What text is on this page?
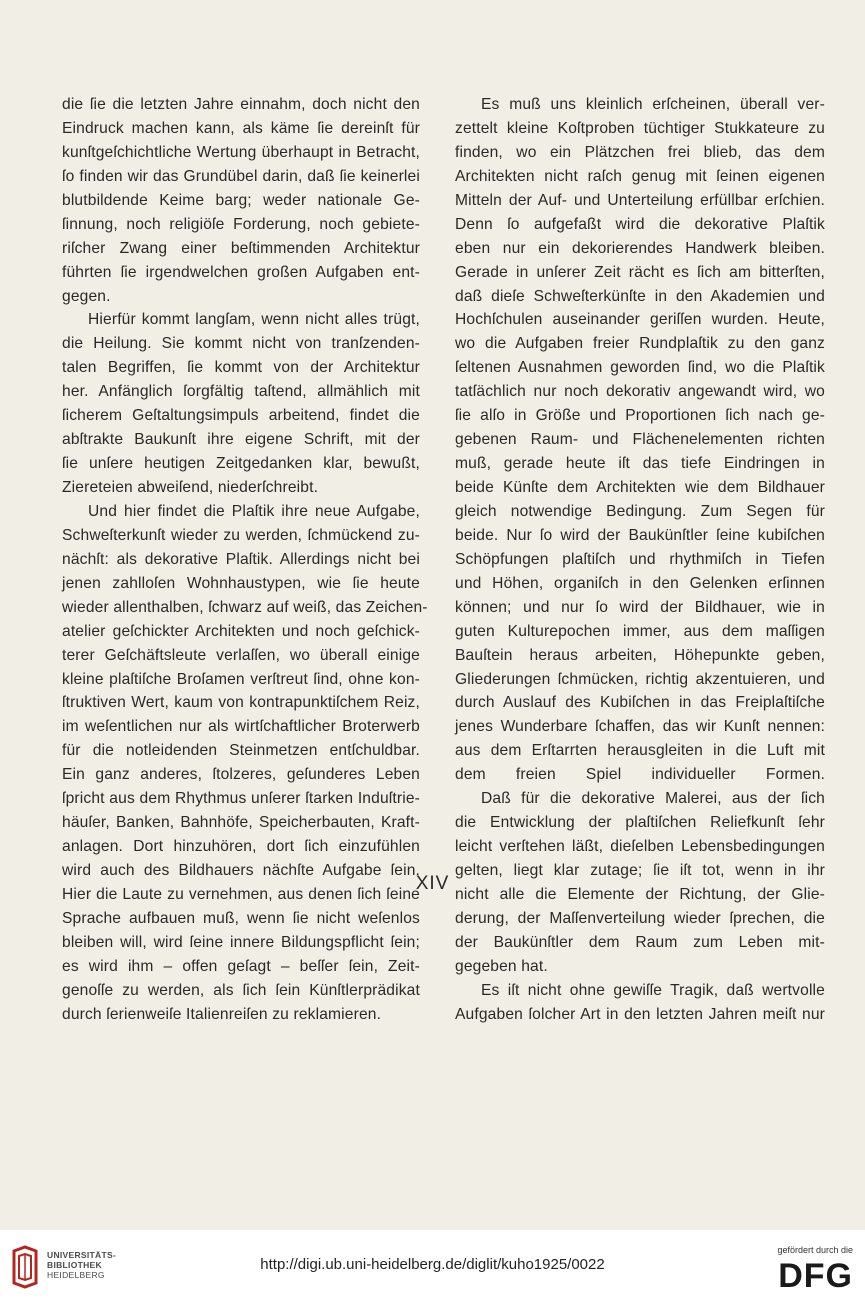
die ſie die letzten Jahre einnahm, doch nicht den
Eindruck machen kann, als käme ſie dereinſt für
kunſtgeſchichtliche Wertung überhaupt in Betracht,
ſo finden wir das Grundübel darin, daß ſie keinerlei
blutbildende Keime barg; weder nationale Ge-
ſinnung, noch religiöſe Forderung, noch gebiete-
riſcher Zwang einer beſtimmenden Architektur
führten ſie irgendwelchen großen Aufgaben ent-
gegen.
Hierfür kommt langſam, wenn nicht alles trügt,
die Heilung. Sie kommt nicht von tranſzenden-
talen Begriffen, ſie kommt von der Architektur
her. Anfänglich ſorgfältig taſtend, allmählich mit
ſicherem Geſtaltungsimpuls arbeitend, findet die
abſtrakte Baukunſt ihre eigene Schrift, mit der
ſie unſere heutigen Zeitgedanken klar, bewußt,
Ziereteien abweiſend, niederſchreibt.
Und hier findet die Plaſtik ihre neue Aufgabe,
Schweſterkunſt wieder zu werden, ſchmückend zu-
nächſt: als dekorative Plaſtik. Allerdings nicht bei
jenen zahlloſen Wohnhaustypen, wie ſie heute
wieder allenthalben, ſchwarz auf weiß, das Zeichen-
atelier geſchickter Architekten und noch geſchick-
terer Geſchäftsleute verlaſſen, wo überall einige
kleine plaſtiſche Broſamen verſtreut ſind, ohne kon-
ſtruktiven Wert, kaum von kontrapunktiſchem Reiz,
im weſentlichen nur als wirtſchaftlicher Broterwerb
für die notleidenden Steinmetzen entſchuldbar.
Ein ganz anderes, ſtolzeres, geſunderes Leben
ſpricht aus dem Rhythmus unſerer ſtarken Induſtrie-
häuſer, Banken, Bahnhöfe, Speicherbauten, Kraft-
anlagen. Dort hinzuhören, dort ſich einzufühlen
wird auch des Bildhauers nächſte Aufgabe ſein.
Hier die Laute zu vernehmen, aus denen ſich ſeine
Sprache aufbauen muß, wenn ſie nicht weſenlos
bleiben will, wird ſeine innere Bildungspflicht ſein;
es wird ihm – offen geſagt – beſſer ſein, Zeit-
genoſſe zu werden, als ſich ſein Künſtlerprädikat
durch ſerienweiſe Italienreiſen zu reklamieren.
Es muß uns kleinlich erſcheinen, überall ver-
zettelt kleine Koſtproben tüchtiger Stukkateure zu
finden, wo ein Plätzchen frei blieb, das dem
Architekten nicht raſch genug mit ſeinen eigenen
Mitteln der Auf- und Unterteilung erfüllbar erſchien.
Denn ſo aufgefaßt wird die dekorative Plaſtik
eben nur ein dekorierendes Handwerk bleiben.
Gerade in unſerer Zeit rächt es ſich am bitterſten,
daß dieſe Schweſterkünſte in den Akademien und
Hochſchulen auseinander geriſſen wurden. Heute,
wo die Aufgaben freier Rundplaſtik zu den ganz
ſeltenen Ausnahmen geworden ſind, wo die Plaſtik
tatſächlich nur noch dekorativ angewandt wird, wo
ſie alſo in Größe und Proportionen ſich nach ge-
gebenen Raum- und Flächenelementen richten
muß, gerade heute iſt das tiefe Eindringen in
beide Künſte dem Architekten wie dem Bildhauer
gleich notwendige Bedingung. Zum Segen für
beide. Nur ſo wird der Baukünſtler ſeine kubiſchen
Schöpfungen plaſtiſch und rhythmiſch in Tiefen
und Höhen, organiſch in den Gelenken erſinnen
können; und nur ſo wird der Bildhauer, wie in
guten Kulturepochen immer, aus dem maſſigen
Bauſtein heraus arbeiten, Höhepunkte geben,
Gliederungen ſchmücken, richtig akzentuieren, und
durch Auslauf des Kubiſchen in das Freiplaſtiſche
jenes Wunderbare ſchaffen, das wir Kunſt nennen:
aus dem Erſtarrten herausgleiten in die Luft mit
dem freien Spiel individueller Formen.
Daß für die dekorative Malerei, aus der ſich
die Entwicklung der plaſtiſchen Reliefkunſt ſehr
leicht verſtehen läßt, dieſelben Lebensbedingungen
gelten, liegt klar zutage; ſie iſt tot, wenn in ihr
nicht alle die Elemente der Richtung, der Glie-
derung, der Maſſenverteilung wieder ſprechen, die
der Baukünſtler dem Raum zum Leben mit-
gegeben hat.
Es iſt nicht ohne gewiſſe Tragik, daß wertvolle
Aufgaben ſolcher Art in den letzten Jahren meiſt nur
XIV
UNIVERSITÄTS-
BIBLIOTHEK
HEIDELBERG
http://digi.ub.uni-heidelberg.de/diglit/kuho1925/0022
gefördert durch die
DFG
